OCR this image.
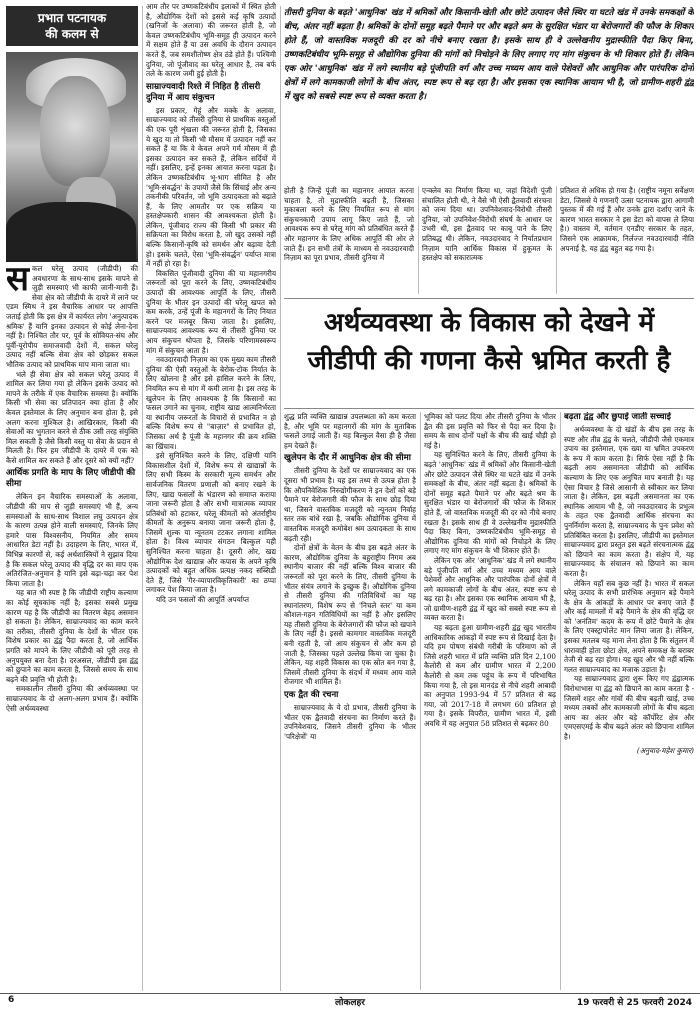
प्रभात पटनायक
की कलम से

सकल घरेलू उत्पाद (जीडीपी) की अवधारणा के साथ-साथ इसके मापने से जुड़ी समस्याएं भी काफी जानी-मानी हैं। सेवा क्षेत्र को जीडीपी के दायरे में लाने पर एडम स्मिथ ने इस वैचारिक आधार पर आपत्ति जताई होती कि इस क्षेत्र में कार्यरत लोग 'अनुत्पादक श्रमिक' हैं यानि इनका उत्पादन से कोई लेना-देना नहीं है। निश्चित तौर पर, पूर्व के सोवियत-संघ और पूर्वी-यूरोपीय समाजवादी देशों में, सकल घरेलू उत्पाद नहीं बल्कि सेवा क्षेत्र को छोड़कर सकल भौतिक उत्पाद को प्राथमिक माप माना जाता था।

भले ही सेवा क्षेत्र को सकल घरेलू उत्पाद में शामिल कर लिया गया हो लेकिन इसके उत्पाद को मापने के तरीके में एक वैचारिक समस्या है। क्योंकि किसी भी सेवा का प्रतिपादन क्या होता है और केवल इस्तेमाल के लिए अनुमान बना होता है, इसे अलग करना मुश्किल है। आखिरकार, किसी की सेवाओं का भुगतान करने से ठीक उसी तरह संयुक्ति मिल सकती है जैसे किसी वस्तु या सेवा के प्रदान से मिलती है। फिर हम जीडीपी के दायरे में एक को कैसे शामिल कर सकते हैं और दूसरे को क्यों नहीं?

आर्थिक प्रगति के माप के लिए जीडीपी की सीमा

लेकिन इन वैचारिक समस्याओं के अलावा, जीडीपी की माप से जुड़ी समस्याएं भी हैं, अन्य समस्याओं के साथ-साथ विशाल लघु उत्पादन क्षेत्र के कारण उत्पन्न होने वाली समस्याएं, जिनके लिए हमारे पास विश्वसनीय, नियमित और समय आधारित डेटा नहीं है। उदाहरण के लिए, भारत में, विभिन्न कारणों से, कई अर्थशास्त्रियों ने सुझाव दिया है कि सकल घरेलू उत्पाद की वृद्धि दर का माप एक अतिरंजित-अनुमान है यानि इसे बढ़ा-चढ़ा कर पेश किया जाता है।

यह बात भी स्पष्ट है कि जीडीपी राष्ट्रीय कल्याण का कोई सूचकांक नहीं है; इसका सबसे प्रमुख कारण यह है कि जीडीपी का वितरण बेहद असमान हो सकता है। लेकिन, साम्राज्यवाद का काम करने का तरीका, तीसरी दुनिया के देशों के भीतर एक विशेष प्रकार का द्वंद्व पैदा करता है, जो आर्थिक प्रगति को मापने के लिए जीडीपी को पूरी तरह से अनुपयुक्त बना देता है। दरअसल, जीडीपी इस द्वंद्व को छुपाने का काम करता है, जिससे समय के साथ बढ़ने की प्रवृत्ति भी होती है।

समकालीन तीसरी दुनिया की अर्थव्यवस्था पर साम्राज्यवाद के दो अलग-अलग प्रभाव हैं। क्योंकि ऐसी अर्थव्यवस्था

आम तौर पर उष्णकटिबंधीय इलाकों में स्थित होती है, औद्योगिक देशों को इससे कई कृषि उत्पादों (खनिजों के अलावा) की जरूरत होती है, जो केवल उष्णकटिबंधीय भूमि-समूह ही उत्पादन करने में सक्षम होते हैं या उस अवधि के दौरान उत्पादन करते हैं, जब समशीतोष्ण क्षेत्र ठंडे होते हैं। पश्चिमी दुनिया, जो पूंजीवाद का घरेलू आधार है, तब बर्फ तले के कारण जमी हुई होती है।

साम्राज्यवादी रिश्ते में निहित है तीसरी दुनिया में आय संकुचन

इस प्रकार, गेहूं और मक्के के अलावा, साम्राज्यवाद को तीसरी दुनिया से प्राथमिक वस्तुओं की एक पूरी शृंखला की जरूरत होती है, जिसका ये खुद या तो किसी भी मौसम में उत्पादन नहीं कर सकते हैं या कि वे केवल अपने गर्म मौसम में ही इसका उत्पादन कर सकते हैं, लेकिन सर्दियों में नहीं। इसलिए, इन्हें इनका आयात करना पड़ता है। लेकिन उष्णकटिबंधीय भू-भाग सीमित है और 'भूमि-संवर्द्धन' के उपायों जैसे कि सिंचाई और अन्य तकनीकी परिवर्तन, जो भूमि उत्पादकता को बढ़ाते हैं, के लिए आमतौर पर एक सक्रिय या हस्तक्षेपकारी शासन की आवश्यकता होती है। लेकिन, पूंजीवाद राज्य की किसी भी प्रकार की सक्रियता का विरोध करता है, जो खुद उसको नहीं बल्कि किसानों-कृषि को समर्थन और बढ़ावा देती हो। इसके चलते, ऐसा 'भूमि-संवर्द्धन' पर्याप्त मात्रा में नहीं हो रहा है।

विकसित पूंजीवादी दुनिया की या महानगरीय जरूरतों को पूरा करने के लिए, उष्णकटिबंधीय उत्पादों की आवश्यक आपूर्ति के लिए, तीसरी दुनिया के भीतर इन उत्पादों की घरेलू खपत को कम करके, उन्हें पूंजी के महानगरों के लिए नियात करने पर मजबूर किया जाता है। इसलिए, साम्राज्यवाद आवश्यक रूप से तीसरी दुनिया पर आय संकुचन थोपता है, जिसके परिणामस्वरूप मांग में संकुचन आता है।

नवउदारवादी निज़ाम का एक मुख्य काम तीसरी दुनिया की ऐसी वस्तुओं के बेरोक-टोक निर्यात के लिए खोलना है और इसे हासिल करने के लिए, नियमित रूप से मांग में कमी लाना है। इस तरह के खुलेपन के लिए आवश्यक है कि किसानों का फसल उगाने का चुनाव, राष्ट्रीय खाद्य आत्मनिर्भरता या स्थानीय जरूरतों के विचारों से प्रभावित न हो बल्कि विशेष रूप से "बाज़ार" से प्रभावित हो, जिसका अर्थ है पूंजी के महानगर की क्रय शक्ति का खिंचाव।

इसे सुनिश्चित करने के लिए, दक्षिणी यानि विकासशील देशों में, विशेष रूप से खाद्यान्नों के लिए सभी किस्म के सरकारी मूल्य समर्थन और सार्वजनिक वितरण प्रणाली को बनाए रखने के लिए, खाद्य फसलों के भंडारण को समाप्त कराया जाना जरूरी होता है और सभी मात्रात्मक व्यापार प्रतिबंधों को हटाकर, घरेलू कीमतों को अंतर्राष्ट्रीय कीमतों के अनुरूप बनाया जाना जरूरी होता है, जिसमें शुल्क या न्यूनतम टटकर लगाना शामिल होता है। विश्व व्यापार संगठन बिल्कुल यही सुनिश्चित करना चाहता है। दूसरी ओर, खद्य औद्योगिक देश खाद्यान्न और कपास के अपने कृषि उत्पादकों को बहुत अधिक प्रत्यक्ष नकद सब्सिडी देते हैं, जिसे 'गैर-व्यापारविकृतिकारी' का ठप्पा लगाकर पेश किया जाता है।

यदि उन फसलों की आपूर्ति अपर्याप्त

तीसरी दुनिया के बढ़ते 'आधुनिक' खंड में श्रमिकों और किसानी-खेती और छोटे उत्पादन जैसे स्थिर या घटते खंड में उनके समकक्षों के बीच, अंतर नहीं बढ़ता है। श्रमिकों के दोनों समूह बढ़ते पैमाने पर और बढ़ते श्रम के सुरक्षित भंडार या बेरोजगारों की फौज के शिकार होते हैं, जो वास्तविक मजदूरी की दर को नीचे बनाए रखता है। इसके साथ ही वे उल्लेखनीय मुद्रास्फीति पैदा किए बिना, उष्णकटिबंधीय भूमि-समूह से औद्योगिक दुनिया की मांगों को निचोड़ने के लिए लगाए गए मांग संकुचन के भी शिकार होते हैं। लेकिन एक ओर 'आधुनिक' खंड में लगे स्थानीय बड़े पूंजीपति वर्ग और उच्च मध्यम आय वाले पेशेवरों और आधुनिक और पारंपरिक दोनों क्षेत्रों में लगे कामकाजी लोगों के बीच अंतर, स्पष्ट रूप से बढ़ रहा है। और इसका एक स्थानिक आयाम भी है, जो ग्रामीण-शहरी द्वंद्व में खुद को सबसे स्पष्ट रूप से व्यक्त करता है।

होती है जिन्हें पूंजी का महानगर आयात करना चाहता है, तो मुद्रास्फीति बढ़ती है, जिसका मुकाबला करने के लिए नियमित रूप से मांग संकुचनकारी उपाय लागू किए जाते हैं, जो आवश्यक रूप से घरेलू मांग को प्रतिबंधित करते हैं और महानगर के लिए अधिक आपूर्ति की ओर ले जाते हैं। इन सभी तंत्रों के माध्यम से नवउदारवादी निज़ाम का पूरा प्रभाव, तीसरी दुनिया में
एन्क्लेव का निर्माण किया था, जहां विदेशी पूंजी संचालित होती थी, ने वैसे भी ऐसी द्वैतवादी संरचना को जन्म दिया था। उपनिवेशवाद-विरोधी तीसरी दुनिया, जो उपनिवेश-विरोधी संघर्ष के आधार पर उभरी थी, इस द्वैतवाद पर काबू पाने के लिए प्रतिबद्ध थी। लेकिन, नवउदारवाद ने निर्यातप्रधान निज़ाम यानि आर्थिक विकास में हुकूमत के हस्तक्षेप को सकारात्मक
प्रतिशत से अधिक हो गया है। (राष्ट्रीय नमूना सर्वेक्षण डेटा, जिससे ये गणनाएँ उत्सा पटनायक द्वारा आगामी पुस्तक में की गई हैं और उनके द्वारा दर्शाए जाने के कारण भारत सरकार ने इस डेटा को वापस ले लिया है।) वास्तव में, वर्तमान एनडीए सरकार के तहत, जिसने एक आक्रामक, निर्लज्ज नवउदारवादी नीति अपनाई है, यह द्वंद्व बहुत बढ़ गया है।

अर्थव्यवस्था के विकास को देखने में

जीडीपी की गणना कैसे भ्रमित करती है

शुद्ध प्रति व्यक्ति खाद्यान्न उपलब्धता को कम करता है, और भूमि पर महानगरों की मांग के मुताबिक फसलें उगाई जाती हैं। यह बिल्कुल वैसा ही है जैसा हम देखते हैं।

खुलेपन के दौर में आधुनिक क्षेत्र की सीमा

तीसरी दुनिया के देशों पर साम्राज्यवाद का एक दूसरा भी प्रभाव है। यह इस तथ्य से उत्पन्न होता है कि औपनिवेशिक निरुद्योगीकरण ने इन देशों को बड़े पैमाने पर बेरोजगारी की फौज के साथ छोड़ दिया था, जिसने वास्तविक मजदूरी को न्यूनतम निर्वाह स्तर तक बांधे रखा है, जबकि औद्योगिक दुनिया में वास्तविक मजदूरी कमोबेश श्रम उत्पादकता के साथ बढ़ती रही।

दोनों क्षेत्रों के वेतन के बीच इस बढ़ते अंतर के कारण, औद्योगिक दुनिया के बहुराष्ट्रीय निगम अब स्थानीय बाजार की नहीं बल्कि विश्व बाजार की जरूरतों को पूरा करने के लिए, तीसरी दुनिया के भीतर संयंत्र लगाने के इच्छुक हैं। औद्योगिक दुनिया से तीसरी दुनिया की गतिविधियों का यह स्थानांतरण, विशेष रूप से 'निचले स्तर' या कम कौशल-गहन गतिविधियों का नहीं है और इसलिए यह तीसरी दुनिया के बेरोजगारों की फौज को खपाने के लिए नहीं है। इससे कामगार वास्तविक मजदूरी बनी रहती है, जो आय संकुचन से और कम हो जाती है, जिसका पहले उल्लेख किया जा चुका है। लेकिन, यह शहरी विकास का एक स्रोत बन गया है, जिसमें तीसरी दुनिया के संदर्भ में मध्यम आय वाले रोजगार भी शामिल हैं।

एक द्वैत की रचना

साम्राज्यवाद के ये दो प्रभाव, तीसरी दुनिया के भीतर एक द्वैतवादी संरचना का निर्माण करते हैं। उपनिवेशवाद, जिसने तीसरी दुनिया के भीतर 'परिक्षेत्रों' या

भूमिका को पलट दिया और तीसरी दुनिया के भीतर द्वैत की इस प्रवृत्ति को फिर से पैदा कर दिया है। समय के साथ दोनों पक्षों के बीच की खाई चौड़ी हो गई है।

यह सुनिश्चित करने के लिए, तीसरी दुनिया के बढ़ते 'आधुनिक' खंड में श्रमिकों और किसानी-खेती और छोटे उत्पादन जैसे स्थिर या घटते खंड में उनके समकक्षों के बीच, अंतर नहीं बढ़ता है। श्रमिकों के दोनों समूह बढ़ते पैमाने पर और बढ़ते श्रम के सुरक्षित भंडार या बेरोजगारों की फौज के शिकार होते हैं, जो वास्तविक मजदूरी की दर को नीचे बनाए रखता है। इसके साथ ही वे उल्लेखनीय मुद्रास्फीति पैदा किए बिना, उष्णकटिबंधीय भूमि-समूह से औद्योगिक दुनिया की मांगों को निचोड़ने के लिए लगाए गए मांग संकुचन के भी शिकार होते हैं।

लेकिन एक ओर 'आधुनिक' खंड में लगे स्थानीय बड़े पूंजीपति वर्ग और उच्च मध्यम आय वाले पेशेवरों और आधुनिक और पारंपरिक दोनों क्षेत्रों में लगे कामकाजी लोगों के बीच अंतर, स्पष्ट रूप से बढ़ रहा है। और इसका एक स्थानिक आयाम भी है, जो ग्रामीण-शहरी द्वंद्व में खुद को सबसे स्पष्ट रूप से व्यक्त करता है।

यह बढ़ता हुआ ग्रामीण-शहरी द्वंद्व खुद भारतीय आधिकारिक आंकड़ों में स्पष्ट रूप से दिखाई देता है। यदि हम पोषण संबंधी गरीबी के परिमाण को लें जिसे शहरी भारत में प्रति व्यक्ति प्रति दिन 2,100 कैलोरी से कम और ग्रामीण भारत में 2,200 कैलोरी से कम तक पहुंच के रूप में परिभाषित किया गया है, तो इस मानदंड से नीचे शहरी आबादी का अनुपात 1993-94 में 57 प्रतिशत से बढ़ गया, जो 2017-18 में लगभग 60 प्रतिशत हो गया है। इसके विपरीत, ग्रामीण भारत में, इसी अवधि में यह अनुपात 58 प्रतिशत से बढ़कर 80

बढ़ता द्वंद्व और छुपाई जाती सच्चाई

अर्थव्यवस्था के दो खंडों के बीच इस तरह के स्पष्ट और तीव्र द्वंद्व के चलते, जीडीपी जैसे एकमात्र उपाय का इस्तेमाल, एक ख्या या भ्रमित उपकरण के रूप में काम करता है। सिर्फ ऐसा नहीं है कि बढ़ती आय असमानता जीडीपी को आर्थिक कल्याण के लिए एक अनुचित माप बनाती है। यह ऐसा विचार है जिसे आसानी से स्वीकार कर लिया जाता है। लेकिन, इस बढ़ती असमानता का एक स्थानिक आयाम भी है, जो नवउदारवाद के प्रभुत्व के तहत एक द्वैतवादी आर्थिक संरचना का पुनर्निर्माण करता है, साम्राज्यवाद के पुनः प्रवेश को प्रतिबिंबित करता है। इसलिए, जीडीपी का इस्तेमाल साम्राज्यवाद द्वारा प्रस्तुत इस बढ़ते संरचनात्मक द्वंद्व को छिपाने का काम करता है। संक्षेप में, यह साम्राज्यवाद के संचालन को छिपाने का काम करता है।

लेकिन यहाँ सब कुछ नहीं है। भारत में सकल घरेलू उत्पाद के सभी प्रारंभिक अनुमान बड़े पैमाने के क्षेत्र के आंकड़ों के आधार पर बनाए जाते हैं और कई मामलों में बड़े पैमाने के क्षेत्र की वृद्धि दर को 'अनंतिम' कदम के रूप में छोटे पैमाने के क्षेत्र के लिए एक्स्ट्रापोलेट मान लिया जाता है। लेकिन, इसका मतलब यह माना लेना होता है कि संतुलन में धारावाही होता छोटा क्षेत्र, अपने समकक्ष के बराबर तेजी से बढ़ रहा होगा। यह खुद और भी नहीं बल्कि गलत साम्राज्यवाद का मजाक उड़ाता है।

यह साम्राज्यवाद द्वारा शुरू किए गए द्वंद्वात्मक विरोधाभास या द्वंद्व को छिपाने का काम करता है - जिसमें शहर और गांवों की बीच बढ़ती खाई, उच्च मध्यम तबकों और कामकाजी लोगों के बीच बढ़ता आय का अंतर और बड़े कॉर्पोरेट क्षेत्र और एमएसएमई के बीच बढ़ते अंतर को छिपाना शामिल है।

(अनुवाद-महेश कुमार)

6	लोकलहर	19 फरवरी से 25 फरवरी 2024
